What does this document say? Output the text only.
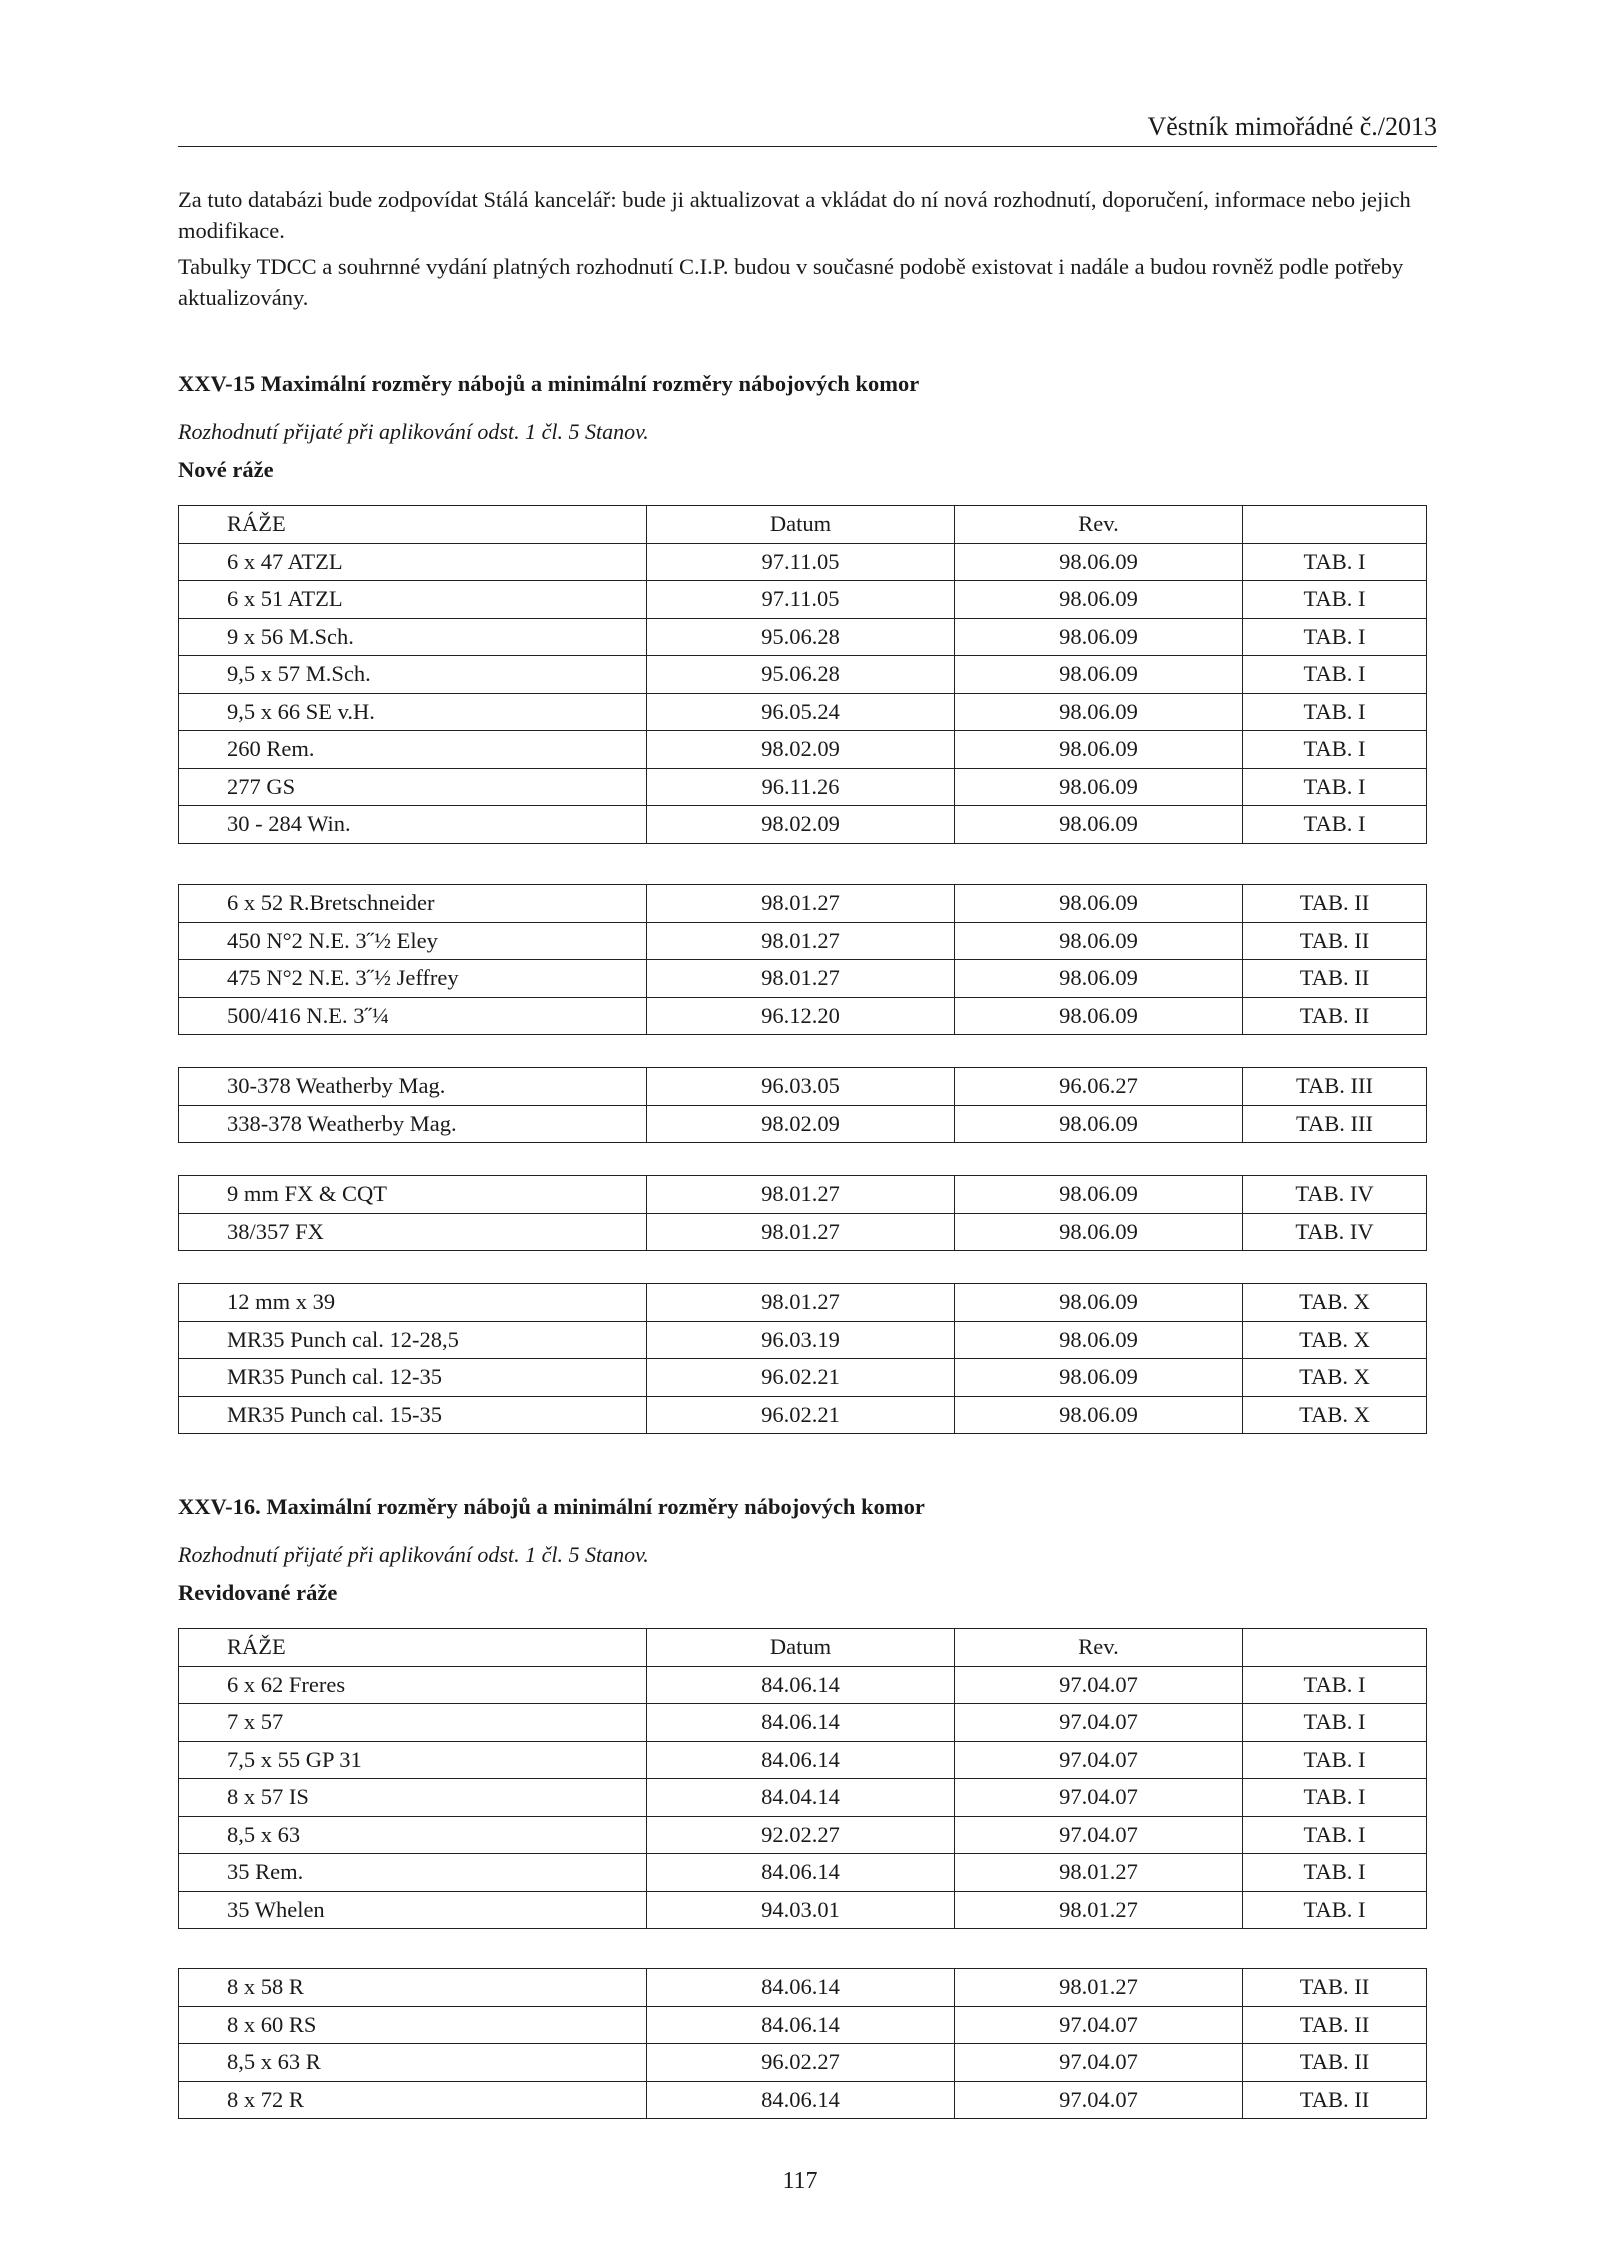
Věstník mimořádné č./2013
Za tuto databázi bude zodpovídat Stálá kancelář: bude ji aktualizovat a vkládat do ní nová rozhodnutí, doporučení, informace nebo jejich modifikace.
Tabulky TDCC a souhrnné vydání platných rozhodnutí C.I.P. budou v současné podobě existovat i nadále a budou rovněž podle potřeby aktualizovány.
XXV-15 Maximální rozměry nábojů a minimální rozměry nábojových komor
Rozhodnutí přijaté při aplikování odst. 1 čl. 5 Stanov.
Nové ráže
RÁŽE	Datum	Rev.	
6 x 47 ATZL	97.11.05	98.06.09	TAB. I
6 x 51 ATZL	97.11.05	98.06.09	TAB. I
9 x 56 M.Sch.	95.06.28	98.06.09	TAB. I
9,5 x 57 M.Sch.	95.06.28	98.06.09	TAB. I
9,5 x 66 SE v.H.	96.05.24	98.06.09	TAB. I
260 Rem.	98.02.09	98.06.09	TAB. I
277 GS	96.11.26	98.06.09	TAB. I
30 - 284 Win.	98.02.09	98.06.09	TAB. I
6 x 52 R.Bretschneider	98.01.27	98.06.09	TAB. II
450 N°2 N.E. 3˝½ Eley	98.01.27	98.06.09	TAB. II
475 N°2 N.E. 3˝½ Jeffrey	98.01.27	98.06.09	TAB. II
500/416 N.E. 3˝¼	96.12.20	98.06.09	TAB. II
30-378 Weatherby Mag.	96.03.05	96.06.27	TAB. III
338-378 Weatherby Mag.	98.02.09	98.06.09	TAB. III
9 mm FX & CQT	98.01.27	98.06.09	TAB. IV
38/357 FX	98.01.27	98.06.09	TAB. IV
12 mm x 39	98.01.27	98.06.09	TAB. X
MR35 Punch cal. 12-28,5	96.03.19	98.06.09	TAB. X
MR35 Punch cal. 12-35	96.02.21	98.06.09	TAB. X
MR35 Punch cal. 15-35	96.02.21	98.06.09	TAB. X
XXV-16. Maximální rozměry nábojů a minimální rozměry nábojových komor
Rozhodnutí přijaté při aplikování odst. 1 čl. 5 Stanov.
Revidované ráže
RÁŽE	Datum	Rev.	
6 x 62 Freres	84.06.14	97.04.07	TAB. I
7 x 57	84.06.14	97.04.07	TAB. I
7,5 x 55 GP 31	84.06.14	97.04.07	TAB. I
8 x 57 IS	84.04.14	97.04.07	TAB. I
8,5 x 63	92.02.27	97.04.07	TAB. I
35 Rem.	84.06.14	98.01.27	TAB. I
35 Whelen	94.03.01	98.01.27	TAB. I
8 x 58 R	84.06.14	98.01.27	TAB. II
8 x 60 RS	84.06.14	97.04.07	TAB. II
8,5 x 63 R	96.02.27	97.04.07	TAB. II
8 x 72 R	84.06.14	97.04.07	TAB. II
117
